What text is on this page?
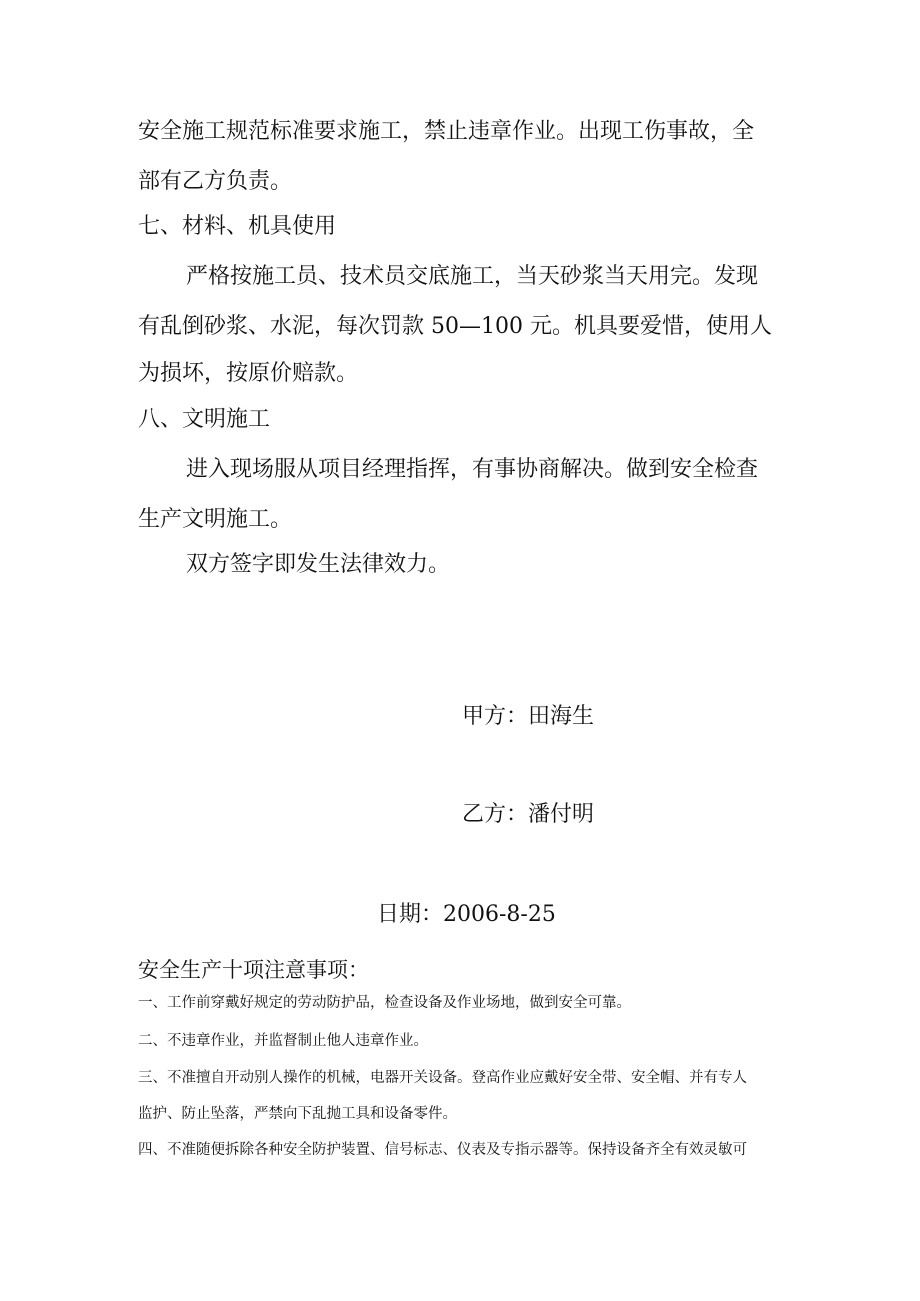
安全施工规范标准要求施工，禁止违章作业。出现工伤事故，全
部有乙方负责。
七、材料、机具使用
严格按施工员、技术员交底施工，当天砂浆当天用完。发现
有乱倒砂浆、水泥，每次罚款 50—100 元。机具要爱惜，使用人
为损坏，按原价赔款。
八、文明施工
进入现场服从项目经理指挥，有事协商解决。做到安全检查
生产文明施工。
双方签字即发生法律效力。
甲方：田海生
乙方：潘付明
日期：2006-8-25
安全生产十项注意事项：
一、工作前穿戴好规定的劳动防护品，检查设备及作业场地，做到安全可靠。
二、不违章作业，并监督制止他人违章作业。
三、不准擅自开动别人操作的机械，电器开关设备。登高作业应戴好安全带、安全帽、并有专人
监护、防止坠落，严禁向下乱抛工具和设备零件。
四、不准随便拆除各种安全防护装置、信号标志、仪表及专指示器等。保持设备齐全有效灵敏可
